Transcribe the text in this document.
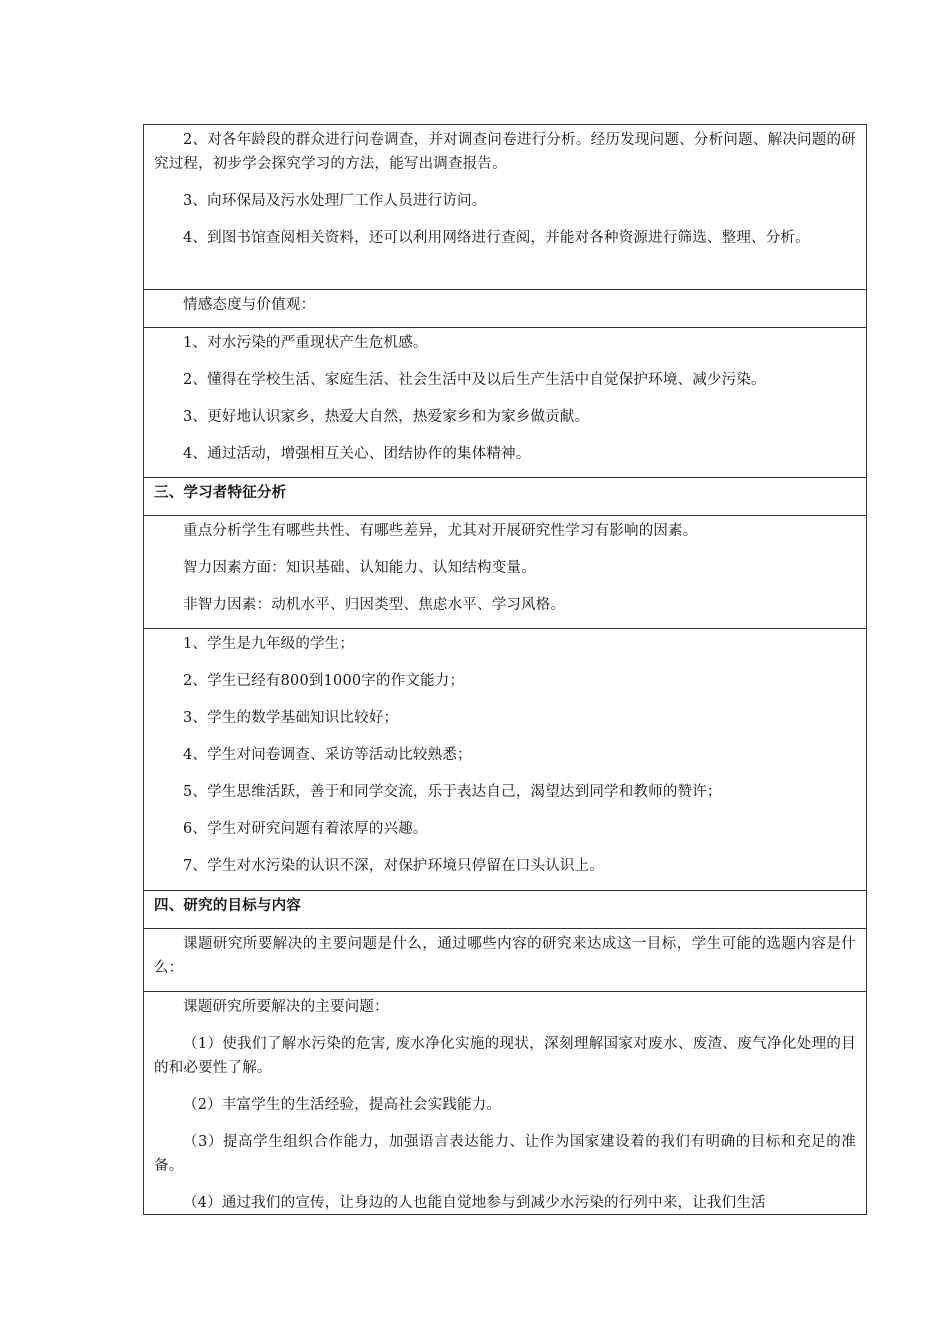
2、对各年龄段的群众进行问卷调查，并对调查问卷进行分析。经历发现问题、分析问题、解决问题的研究过程，初步学会探究学习的方法，能写出调查报告。

3、向环保局及污水处理厂工作人员进行访问。

4、到图书馆查阅相关资料，还可以利用网络进行查阅，并能对各种资源进行筛选、整理、分析。

情感态度与价值观：

1、对水污染的严重现状产生危机感。

2、懂得在学校生活、家庭生活、社会生活中及以后生产生活中自觉保护环境、减少污染。

3、更好地认识家乡，热爱大自然，热爱家乡和为家乡做贡献。

4、通过活动，增强相互关心、团结协作的集体精神。

三、学习者特征分析

重点分析学生有哪些共性、有哪些差异，尤其对开展研究性学习有影响的因素。

智力因素方面：知识基础、认知能力、认知结构变量。

非智力因素：动机水平、归因类型、焦虑水平、学习风格。

1、学生是九年级的学生；

2、学生已经有800到1000字的作文能力；

3、学生的数学基础知识比较好；

4、学生对问卷调查、采访等活动比较熟悉；

5、学生思维活跃，善于和同学交流，乐于表达自己，渴望达到同学和教师的赞许；

6、学生对研究问题有着浓厚的兴趣。

7、学生对水污染的认识不深，对保护环境只停留在口头认识上。

四、研究的目标与内容

课题研究所要解决的主要问题是什么，通过哪些内容的研究来达成这一目标，学生可能的选题内容是什么：

课题研究所要解决的主要问题：

（1）使我们了解水污染的危害, 废水净化实施的现状，深刻理解国家对废水、废渣、废气净化处理的目的和必要性了解。

（2）丰富学生的生活经验，提高社会实践能力。

（3）提高学生组织合作能力，加强语言表达能力、让作为国家建设着的我们有明确的目标和充足的准备。

（4）通过我们的宣传，让身边的人也能自觉地参与到减少水污染的行列中来，让我们生活
